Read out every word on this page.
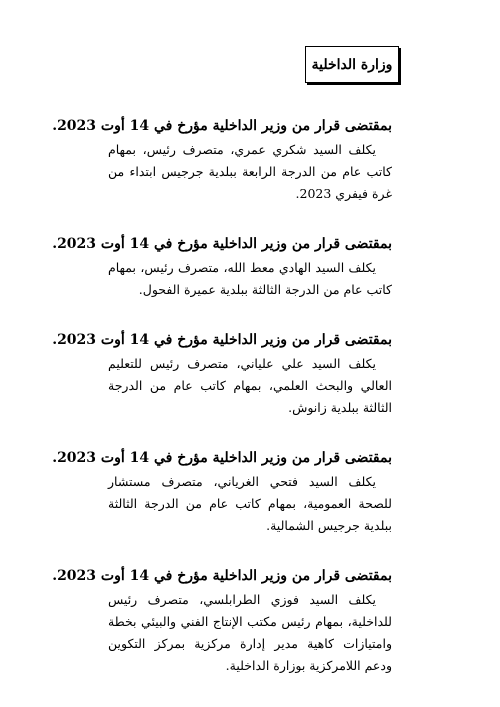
وزارة الداخلية

بمقتضى قرار من وزير الداخلية مؤرخ في 14 أوت 2023.

يكلف السيد شكري عمري، متصرف رئيس، بمهام كاتب عام من الدرجة الرابعة ببلدية جرجيس ابتداء من غرة فيفري 2023.

بمقتضى قرار من وزير الداخلية مؤرخ في 14 أوت 2023.

يكلف السيد الهادي معط الله، متصرف رئيس، بمهام كاتب عام من الدرجة الثالثة ببلدية عميرة الفحول.

بمقتضى قرار من وزير الداخلية مؤرخ في 14 أوت 2023.

يكلف السيد علي علياني، متصرف رئيس للتعليم العالي والبحث العلمي، بمهام كاتب عام من الدرجة الثالثة ببلدية زانوش.

بمقتضى قرار من وزير الداخلية مؤرخ في 14 أوت 2023.

يكلف السيد فتحي الغرياني، متصرف مستشار للصحة العمومية، بمهام كاتب عام من الدرجة الثالثة ببلدية جرجيس الشمالية.

بمقتضى قرار من وزير الداخلية مؤرخ في 14 أوت 2023.

يكلف السيد فوزي الطرابلسي، متصرف رئيس للداخلية، بمهام رئيس مكتب الإنتاج الفني والبيئي بخطة وامتيازات كاهية مدير إدارة مركزية بمركز التكوين ودعم اللامركزية بوزارة الداخلية.
